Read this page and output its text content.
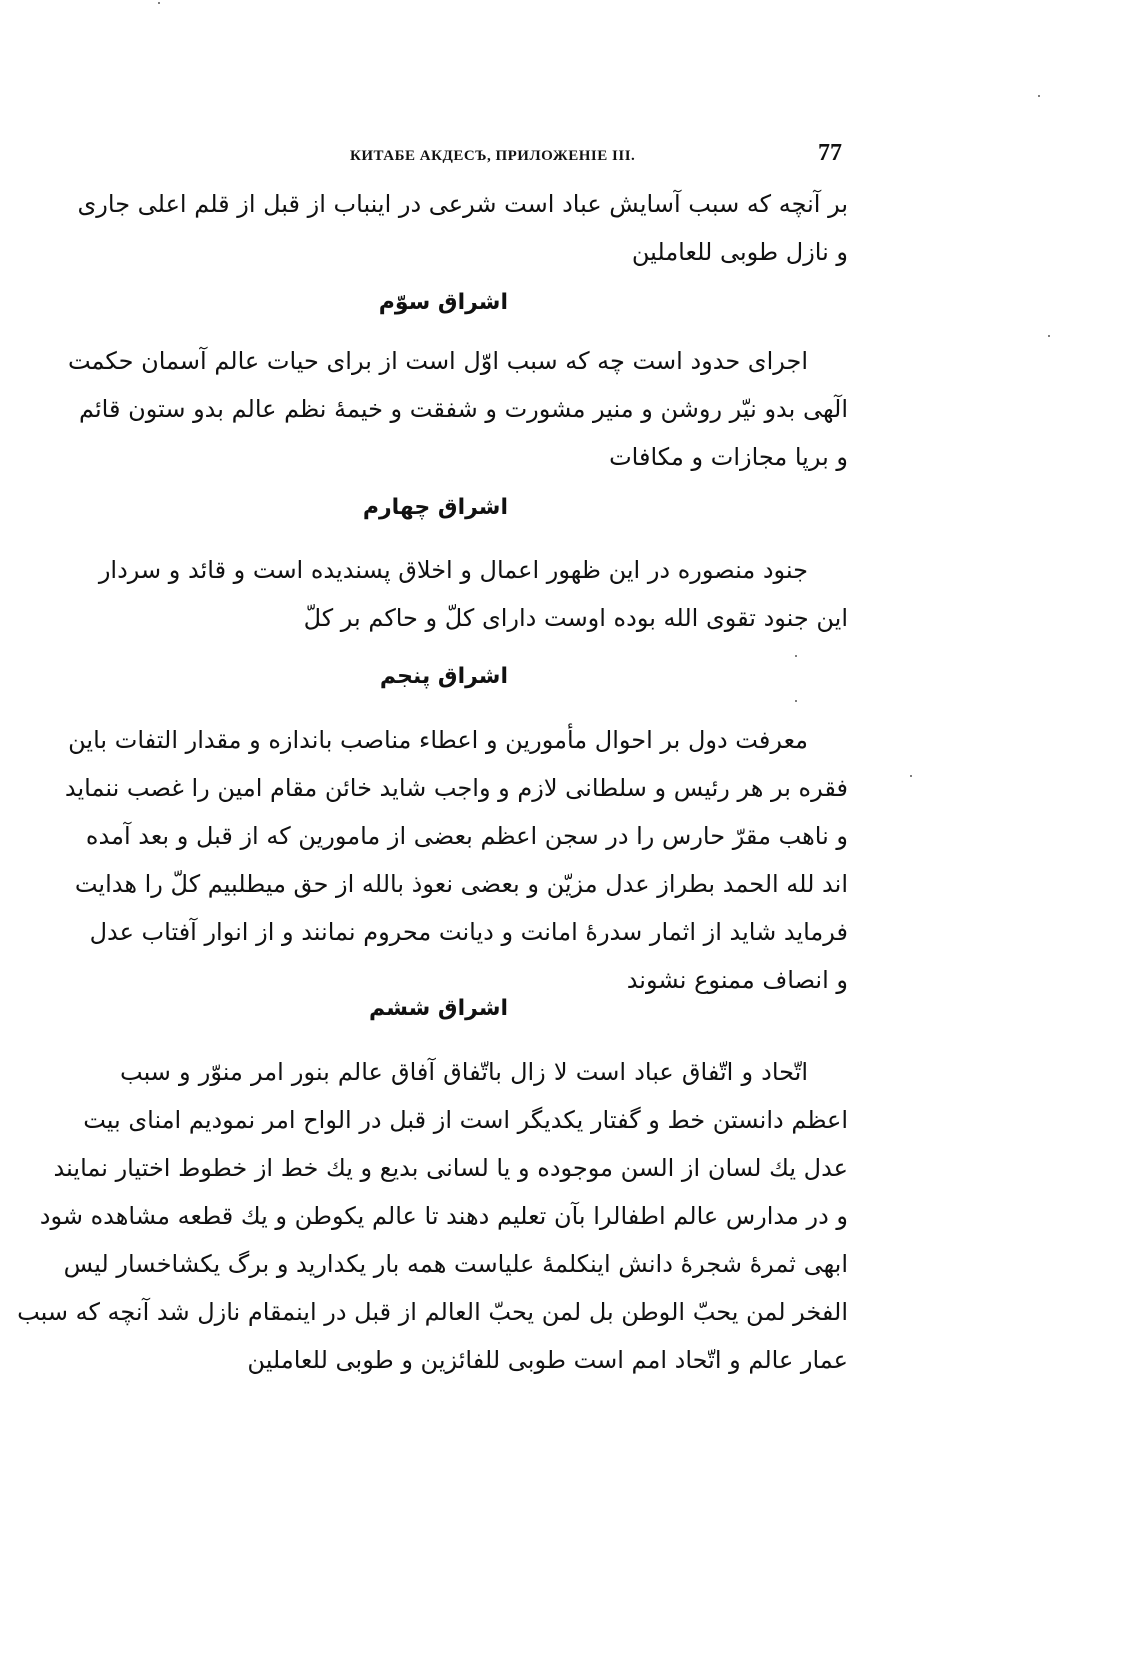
КИТАБЕ АКДЕСЪ, ПРИЛОЖЕНІЕ III.	77
بر آنچه که سبب آسایش عباد است شرعی در اینباب از قبل از قلم اعلی جاری
و نازل طوبی للعاملین
اشراق سوّم
اجرای حدود است چه که سبب اوّل است از برای حیات عالم آسمان حکمت
الٓهی بدو نیّر روشن و منیر مشورت و شفقت و خیمهٔ نظم عالم بدو ستون قائم
و برپا مجازات و مکافات
اشراق چهارم
جنود منصوره در این ظهور اعمال و اخلاق پسندیده است و قائد و سردار
این جنود تقوی الله بوده اوست دارای کلّ و حاکم بر کلّ
اشراق پنجم
معرفت دول بر احوال مأمورین و اعطاء مناصب باندازه و مقدار التفات باین
فقره بر هر رئیس و سلطانی لازم و واجب شاید خائن مقام امین را غصب ننماید
و ناهب مقرّ حارس را در سجن اعظم بعضی از مامورین که از قبل و بعد آمده
اند لله الحمد بطراز عدل مزیّن و بعضی نعوذ بالله از حق میطلبیم کلّ را هدایت
فرماید شاید از اثمار سدرهٔ امانت و دیانت محروم نمانند و از انوار آفتاب عدل
و انصاف ممنوع نشوند
اشراق ششم
اتّحاد و اتّفاق عباد است لا زال باتّفاق آفاق عالم بنور امر منوّر و سبب
اعظم دانستن خط و گفتار یکدیگر است از قبل در الواح امر نمودیم امنای بیت
عدل یك لسان از السن موجوده و یا لسانی بدیع و یك خط از خطوط اختیار نمایند
و در مدارس عالم اطفالرا بآن تعلیم دهند تا عالم یکوطن و یك قطعه مشاهده شود
ابهی ثمرهٔ شجرهٔ دانش اینکلمهٔ علیاست همه بار یکدارید و برگ یکشاخسار لیس
الفخر لمن یحبّ الوطن بل لمن یحبّ العالم از قبل در اینمقام نازل شد آنچه که سبب
عمار عالم و اتّحاد امم است طوبی للفائزین و طوبی للعاملین
